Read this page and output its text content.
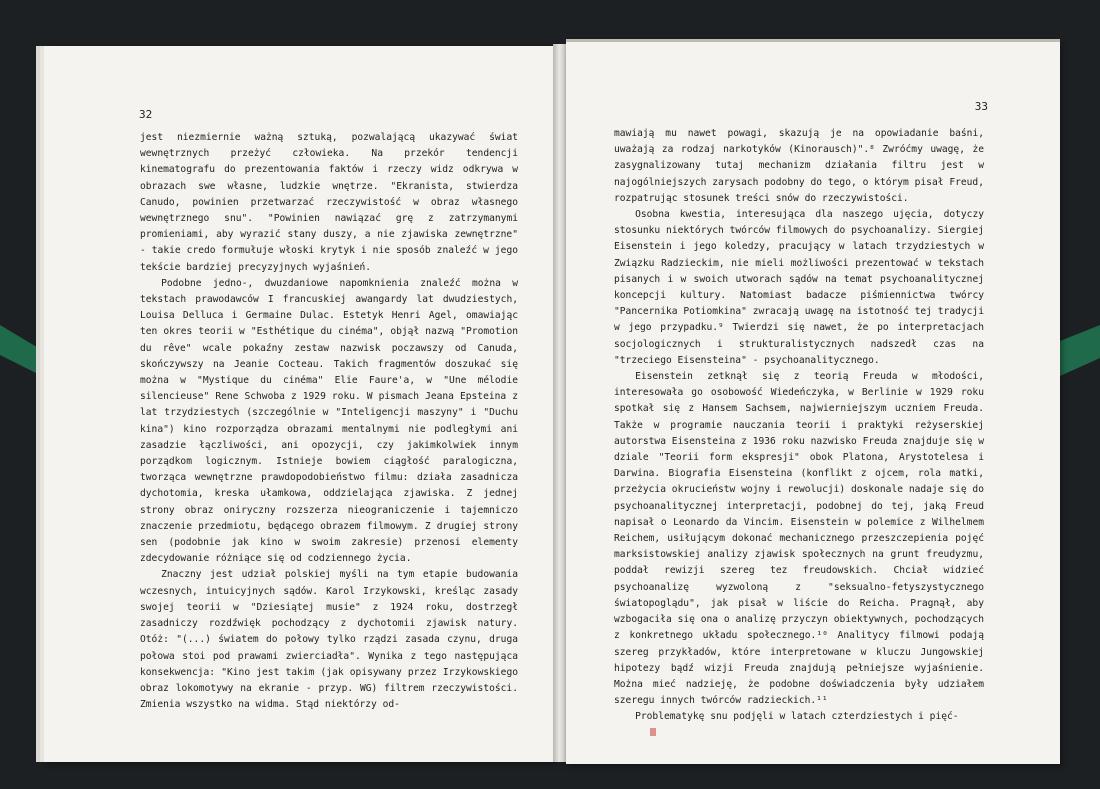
32

jest niezmiernie ważną sztuką, pozwalającą ukazywać świat wewnętrznych przeżyć człowieka. Na przekór tendencji kinematografu do prezentowania faktów i rzeczy widz odkrywa w obrazach swe własne, ludzkie wnętrze. "Ekranista, stwierdza Canudo, powinien przetwarzać rzeczywistość w obraz własnego wewnętrznego snu". "Powinien nawiązać grę z zatrzymanymi promieniami, aby wyrazić stany duszy, a nie zjawiska zewnętrzne" - takie credo formułuje włoski krytyk i nie sposób znaleźć w jego tekście bardziej precyzyjnych wyjaśnień.

Podobne jedno-, dwuzdaniowe napomknienia znaleźć można w tekstach prawodawców I francuskiej awangardy lat dwudziestych, Louisa Delluca i Germaine Dulac. Estetyk Henri Agel, omawiając ten okres teorii w "Esthétique du cinéma", objął nazwą "Promotion du rêve" wcale pokaźny zestaw nazwisk poczawszy od Canuda, skończywszy na Jeanie Cocteau. Takich fragmentów doszukać się można w "Mystique du cinéma" Elie Faure'a, w "Une mélodie silencieuse" Rene Schwoba z 1929 roku. W pismach Jeana Epsteina z lat trzydziestych (szczególnie w "Inteligencji maszyny" i "Duchu kina") kino rozporządza obrazami mentalnymi nie podległymi ani zasadzie łączliwości, ani opozycji, czy jakimkolwiek innym porządkom logicznym. Istnieje bowiem ciągłość paralogiczna, tworząca wewnętrzne prawdopodobieństwo filmu: działa zasadnicza dychotomia, kreska ułamkowa, oddzielająca zjawiska. Z jednej strony obraz oniryczny rozszerza nieograniczenie i tajemniczo znaczenie przedmiotu, będącego obrazem filmowym. Z drugiej strony sen (podobnie jak kino w swoim zakresie) przenosi elementy zdecydowanie różniące się od codziennego życia.

Znaczny jest udział polskiej myśli na tym etapie budowania wczesnych, intuicyjnych sądów. Karol Irzykowski, kreśląc zasady swojej teorii w "Dziesiątej musie" z 1924 roku, dostrzegł zasadniczy rozdźwięk pochodzący z dychotomii zjawisk natury. Otóż: "(...) światem do połowy tylko rządzi zasada czynu, druga połowa stoi pod prawami zwierciadła". Wynika z tego następująca konsekwencja: "Kino jest takim (jak opisywany przez Irzykowskiego obraz lokomotywy na ekranie - przyp. WG) filtrem rzeczywistości. Zmienia wszystko na widma. Stąd niektórzy od-

33

mawiają mu nawet powagi, skazują je na opowiadanie baśni, uważają za rodzaj narkotyków (Kinorausch)".⁸ Zwróćmy uwagę, że zasygnalizowany tutaj mechanizm działania filtru jest w najogólniejszych zarysach podobny do tego, o którym pisał Freud, rozpatrując stosunek treści snów do rzeczywistości.

Osobna kwestia, interesująca dla naszego ujęcia, dotyczy stosunku niektórych twórców filmowych do psychoanalizy. Siergiej Eisenstein i jego koledzy, pracujący w latach trzydziestych w Związku Radzieckim, nie mieli możliwości prezentować w tekstach pisanych i w swoich utworach sądów na temat psychoanalitycznej koncepcji kultury. Natomiast badacze piśmiennictwa twórcy "Pancernika Potiomkina" zwracają uwagę na istotność tej tradycji w jego przypadku.⁹ Twierdzi się nawet, że po interpretacjach socjologicznych i strukturalistycznych nadszedł czas na "trzeciego Eisensteina" - psychoanalitycznego.

Eisenstein zetknął się z teorią Freuda w młodości, interesowała go osobowość Wiedeńczyka, w Berlinie w 1929 roku spotkał się z Hansem Sachsem, najwierniejszym uczniem Freuda. Także w programie nauczania teorii i praktyki reżyserskiej autorstwa Eisensteina z 1936 roku nazwisko Freuda znajduje się w dziale "Teorii form ekspresji" obok Platona, Arystotelesa i Darwina. Biografia Eisensteina (konflikt z ojcem, rola matki, przeżycia okrucieństw wojny i rewolucji) doskonale nadaje się do psychoanalitycznej interpretacji, podobnej do tej, jaką Freud napisał o Leonardo da Vincim. Eisenstein w polemice z Wilhelmem Reichem, usiłującym dokonać mechanicznego przeszczepienia pojęć marksistowskiej analizy zjawisk społecznych na grunt freudyzmu, poddał rewizji szereg tez freudowskich. Chciał widzieć psychoanalizę wyzwoloną z "seksualno-fetyszystycznego światopoglądu", jak pisał w liście do Reicha. Pragnął, aby wzbogaciła się ona o analizę przyczyn obiektywnych, pochodzących z konkretnego układu społecznego.¹⁰ Analitycy filmowi podają szereg przykładów, które interpretowane w kluczu Jungowskiej hipotezy bądź wizji Freuda znajdują pełniejsze wyjaśnienie. Można mieć nadzieję, że podobne doświadczenia były udziałem szeregu innych twórców radzieckich.¹¹

Problematykę snu podjęli w latach czterdziestych i pięć-
